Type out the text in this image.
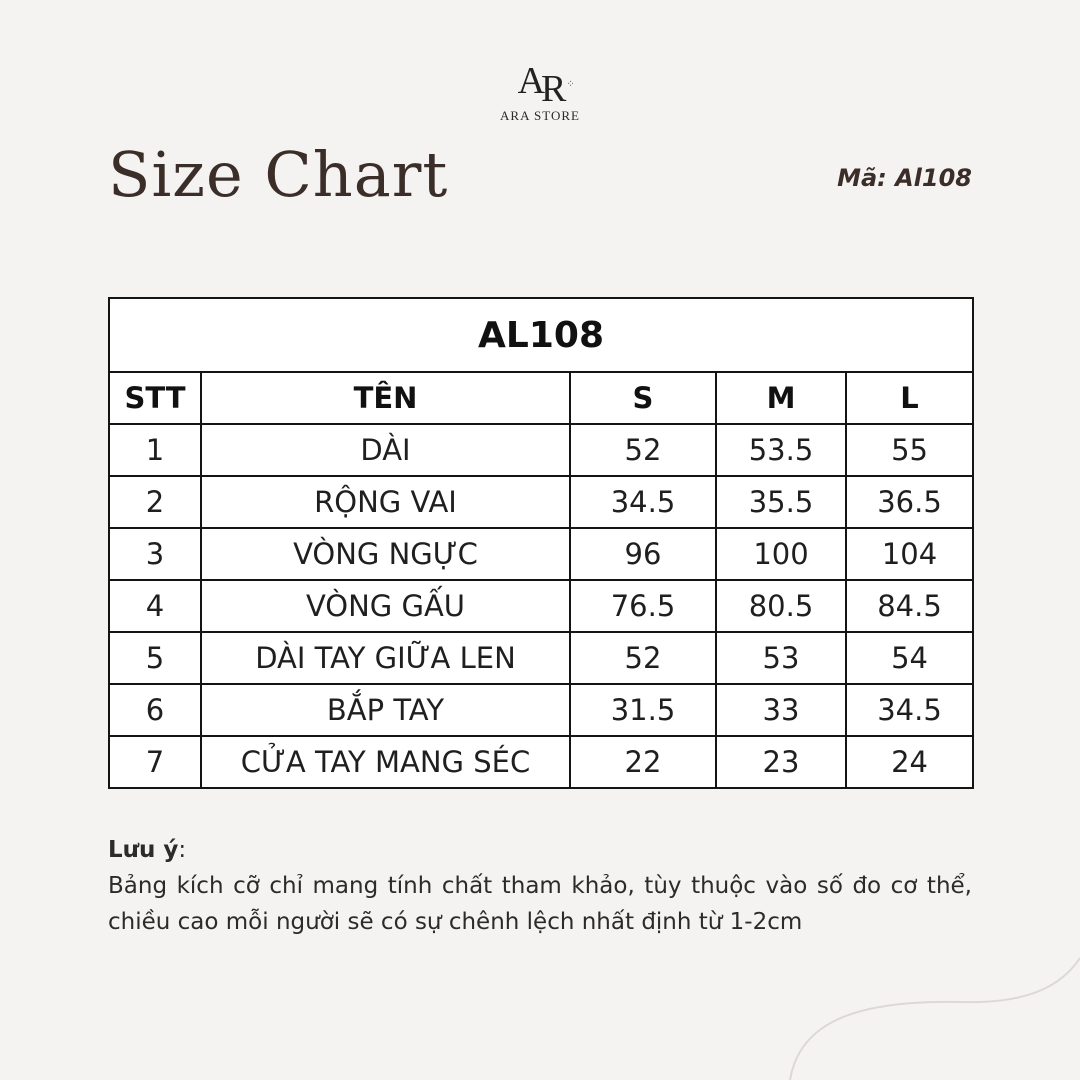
AR ⁘
ARA STORE
Size Chart	Mã: Al108
AL108				
STT	TÊN	S	M	L
1	DÀI	52	53.5	55
2	RỘNG VAI	34.5	35.5	36.5
3	VÒNG NGỰC	96	100	104
4	VÒNG GẤU	76.5	80.5	84.5
5	DÀI TAY GIỮA LEN	52	53	54
6	BẮP TAY	31.5	33	34.5
7	CỬA TAY MANG SÉC	22	23	24
Lưu ý:

Bảng kích cỡ chỉ mang tính chất tham khảo, tùy thuộc vào số đo cơ thể, chiều cao mỗi người sẽ có sự chênh lệch nhất định từ 1-2cm
